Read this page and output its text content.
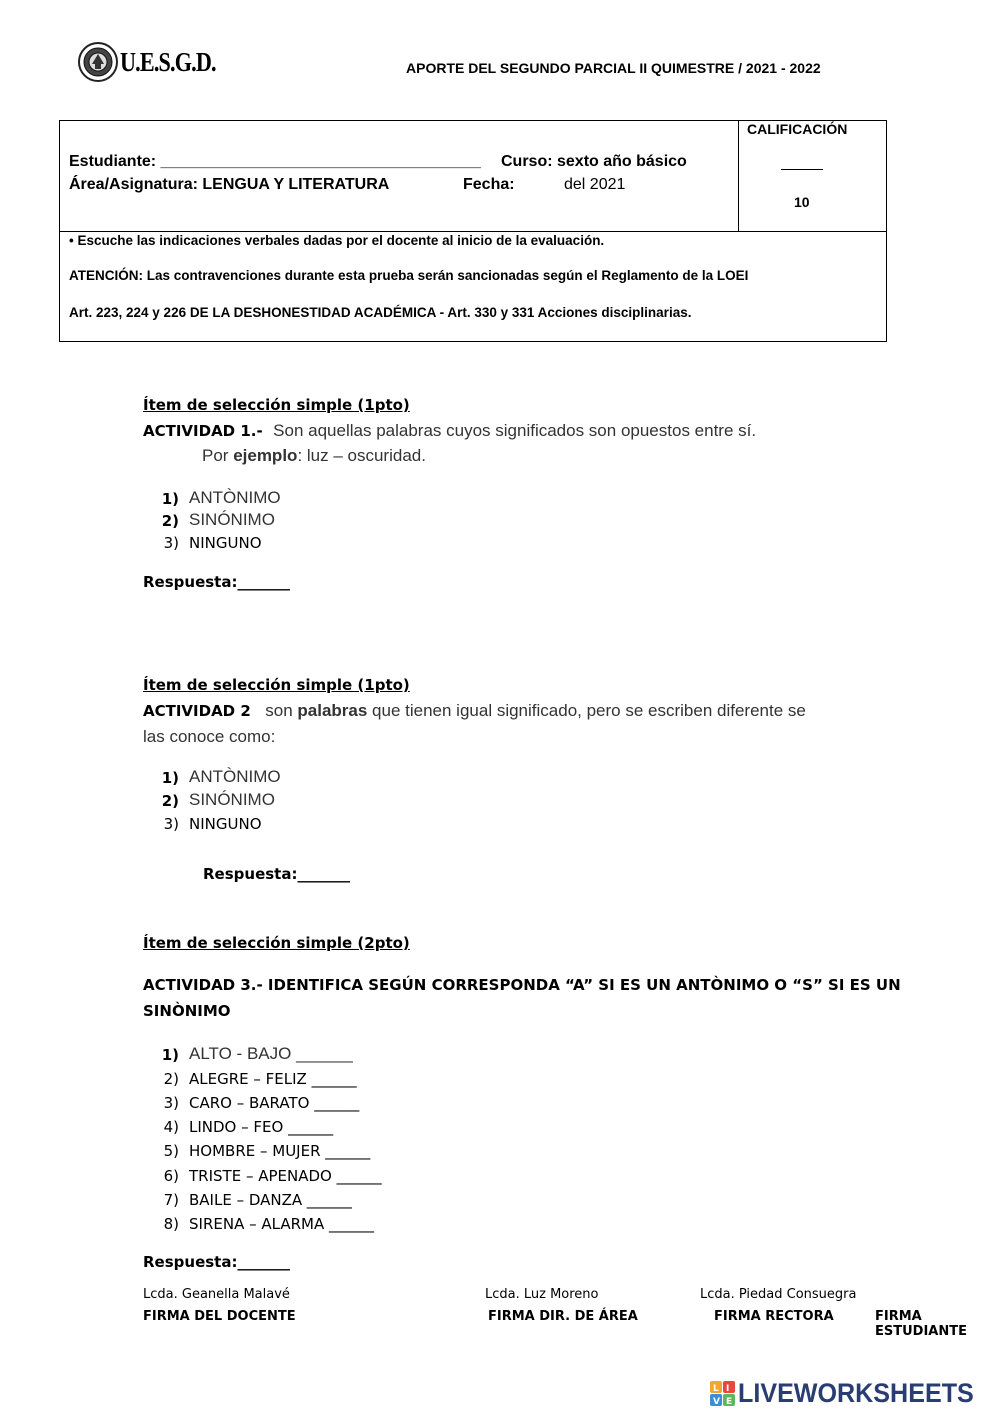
U.E.S.G.D.	APORTE DEL SEGUNDO PARCIAL II QUIMESTRE / 2021 - 2022
Estudiante: ____________________________________ Curso: sexto año básico
Área/Asignatura: LENGUA Y LITERATURA	Fecha:	del 2021
CALIFICACIÓN
10
• Escuche las indicaciones verbales dadas por el docente al inicio de la evaluación.
ATENCIÓN: Las contravenciones durante esta prueba serán sancionadas según el Reglamento de la LOEI
Art. 223, 224 y 226 DE LA DESHONESTIDAD ACADÉMICA - Art. 330 y 331 Acciones disciplinarias.
Ítem de selección simple (1pto)
ACTIVIDAD 1.- Son aquellas palabras cuyos significados son opuestos entre sí.
Por ejemplo: luz – oscuridad.
1) ANTÒNIMO
2) SINÓNIMO
3) NINGUNO
Respuesta:_______
Ítem de selección simple (1pto)
ACTIVIDAD 2 son palabras que tienen igual significado, pero se escriben diferente se
las conoce como:
1) ANTÒNIMO
2) SINÓNIMO
3) NINGUNO
Respuesta:_______
Ítem de selección simple (2pto)
ACTIVIDAD 3.- IDENTIFICA SEGÚN CORRESPONDA “A” SI ES UN ANTÒNIMO O “S” SI ES UN
SINÒNIMO
1) ALTO - BAJO ______
2) ALEGRE – FELIZ ______
3) CARO – BARATO ______
4) LINDO – FEO ______
5) HOMBRE – MUJER ______
6) TRISTE – APENADO ______
7) BAILE – DANZA ______
8) SIRENA – ALARMA ______
Respuesta:_______
Lcda. Geanella Malavé	Lcda. Luz Moreno	Lcda. Piedad Consuegra
FIRMA DEL DOCENTE	FIRMA DIR. DE ÁREA	FIRMA RECTORA	FIRMA ESTUDIANTE
L I
V E LIVEWORKSHEETS
